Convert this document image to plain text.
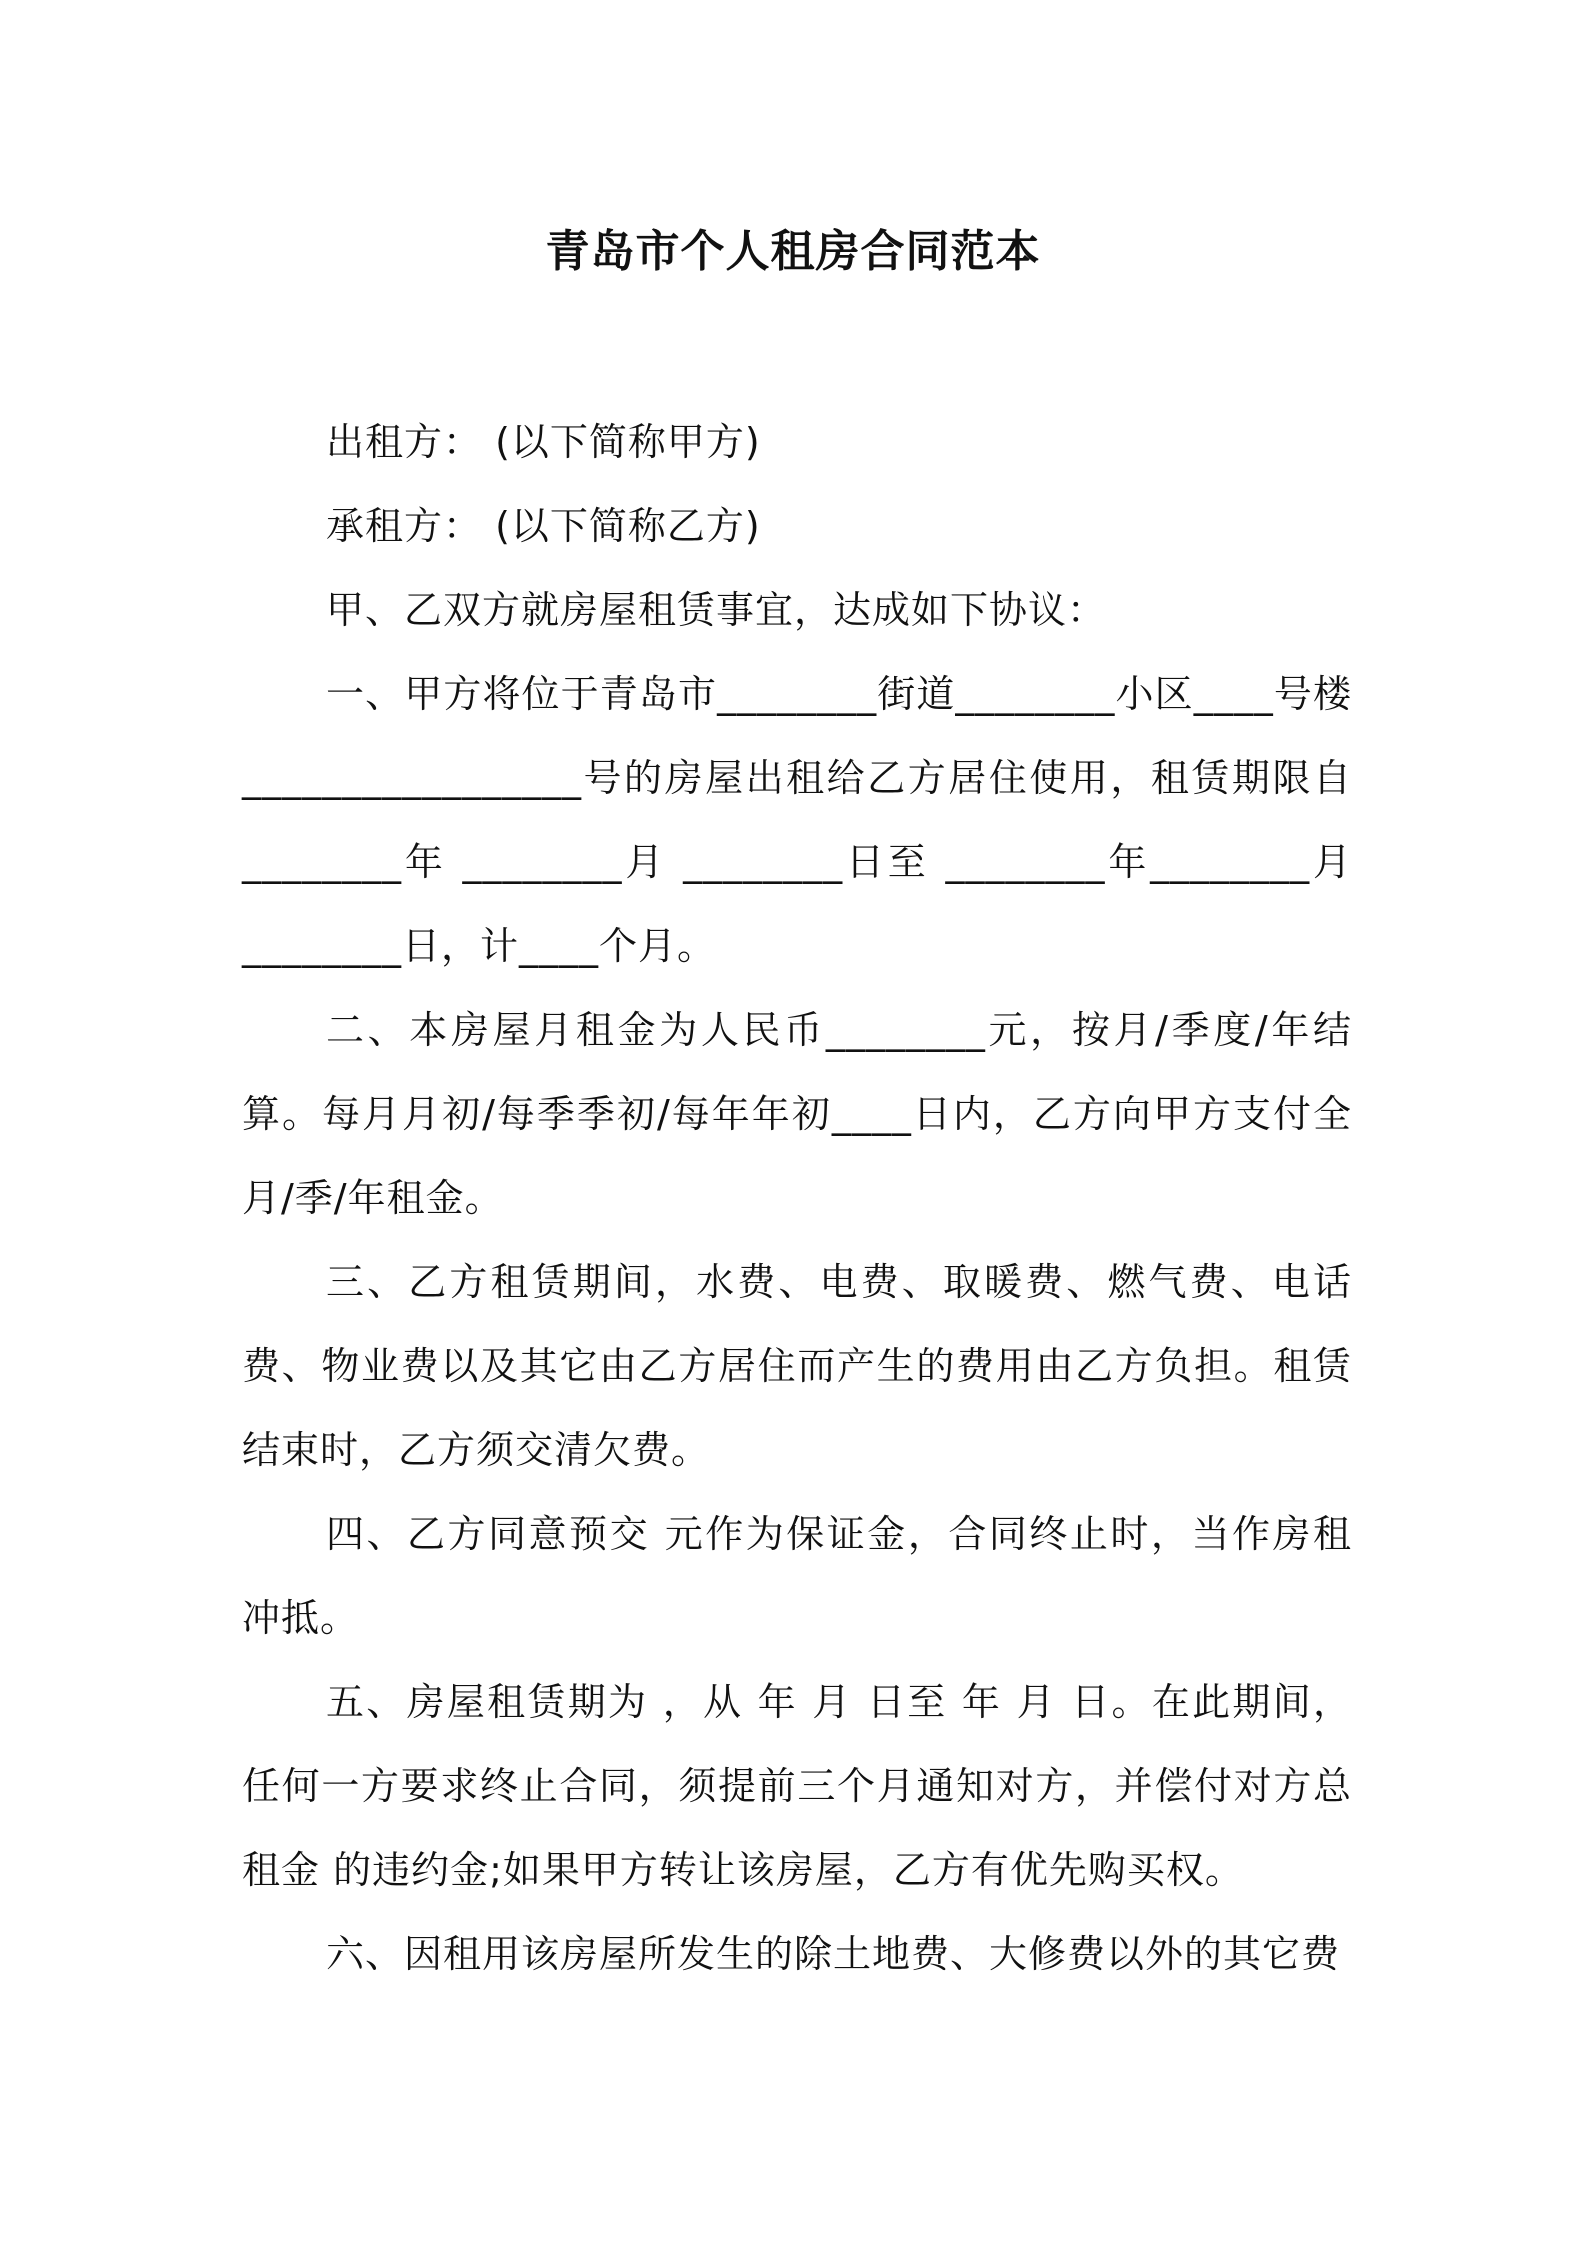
青岛市个人租房合同范本

出租方： (以下简称甲方)

承租方： (以下简称乙方)

甲、乙双方就房屋租赁事宜，达成如下协议：

一、甲方将位于青岛市________街道________小区____号楼_________________号的房屋出租给乙方居住使用，租赁期限自 ________年 ________月 ________日至 ________年________月________日，计____个月。

二、本房屋月租金为人民币________元，按月/季度/年结算。每月月初/每季季初/每年年初____日内，乙方向甲方支付全月/季/年租金。

三、乙方租赁期间，水费、电费、取暖费、燃气费、电话费、物业费以及其它由乙方居住而产生的费用由乙方负担。租赁结束时，乙方须交清欠费。

四、乙方同意预交 元作为保证金，合同终止时，当作房租冲抵。

五、房屋租赁期为 ，从 年 月 日至 年 月 日。在此期间，任何一方要求终止合同，须提前三个月通知对方，并偿付对方总租金 的违约金;如果甲方转让该房屋，乙方有优先购买权。

六、因租用该房屋所发生的除土地费、大修费以外的其它费
